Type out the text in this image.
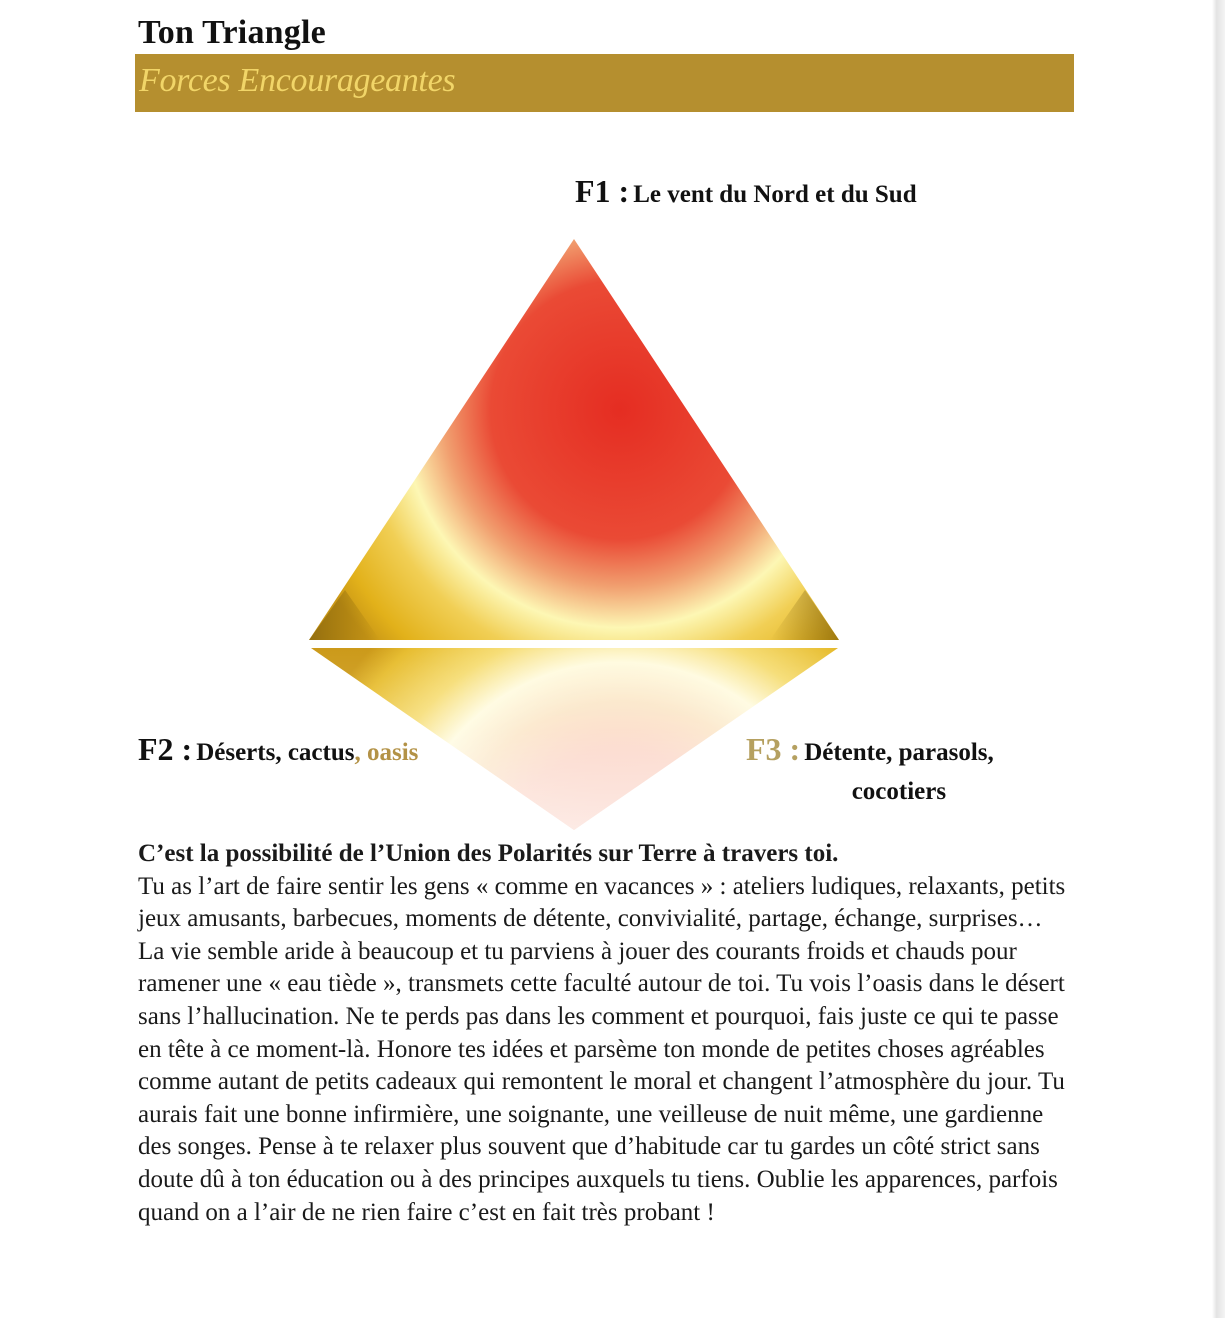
Ton Triangle
Forces Encourageantes
F1 : Le vent du Nord et du Sud
F2 : Déserts, cactus, oasis	F3 : Détente, parasols,
cocotiers

C’est la possibilité de l’Union des Polarités sur Terre à travers toi.

Tu as l’art de faire sentir les gens « comme en vacances » : ateliers ludiques, relaxants, petits jeux amusants, barbecues, moments de détente, convivialité, partage, échange, surprises…

La vie semble aride à beaucoup et tu parviens à jouer des courants froids et chauds pour ramener une « eau tiède », transmets cette faculté autour de toi. Tu vois l’oasis dans le désert sans l’hallucination. Ne te perds pas dans les comment et pourquoi, fais juste ce qui te passe en tête à ce moment-là. Honore tes idées et parsème ton monde de petites choses agréables comme autant de petits cadeaux qui remontent le moral et changent l’atmosphère du jour. Tu aurais fait une bonne infirmière, une soignante, une veilleuse de nuit même, une gardienne des songes. Pense à te relaxer plus souvent que d’habitude car tu gardes un côté strict sans doute dû à ton éducation ou à des principes auxquels tu tiens. Oublie les apparences, parfois quand on a l’air de ne rien faire c’est en fait très probant !
